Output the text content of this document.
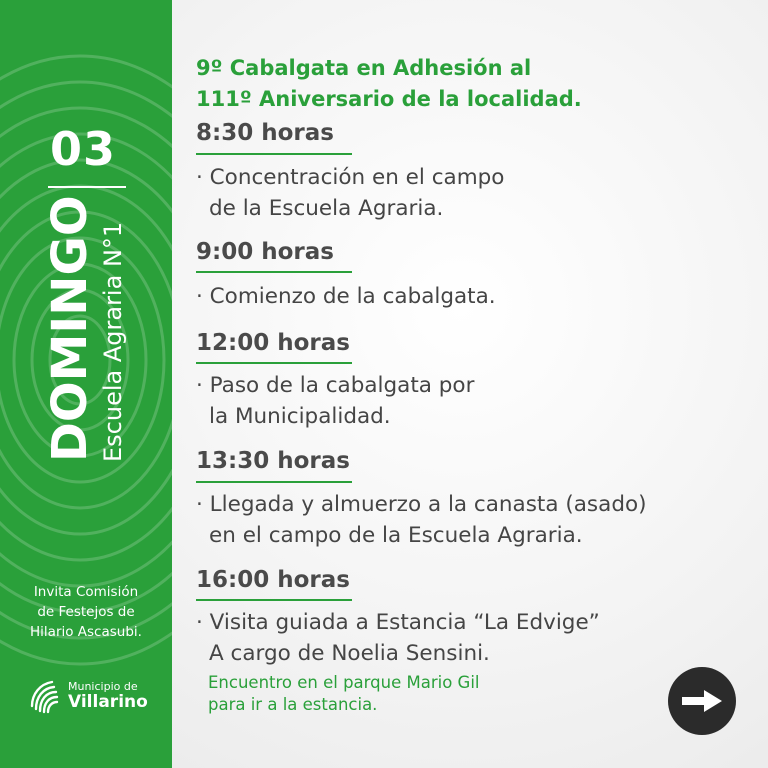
03
DOMINGO Escuela Agraria N°1
Invita Comisión
de Festejos de
Hilario Ascasubi.
Municipio de
Villarino
9º Cabalgata en Adhesión al
111º Aniversario de la localidad.
8:30 horas
· Concentración en el campo
de la Escuela Agraria.
9:00 horas
· Comienzo de la cabalgata.
12:00 horas
· Paso de la cabalgata por
la Municipalidad.
13:30 horas
· Llegada y almuerzo a la canasta (asado)
en el campo de la Escuela Agraria.
16:00 horas
· Visita guiada a Estancia “La Edvige”
A cargo de Noelia Sensini.
Encuentro en el parque Mario Gil
para ir a la estancia.
